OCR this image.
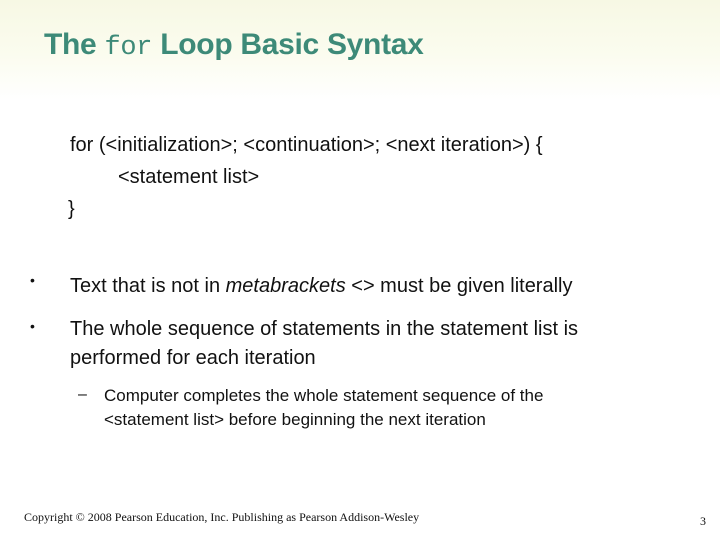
The for Loop Basic Syntax
for (<initialization>; <continuation>; <next iteration>) {
<statement list>
}
• Text that is not in metabrackets <> must be given literally
• The whole sequence of statements in the statement list is
performed for each iteration
– Computer completes the whole statement sequence of the
<statement list> before beginning the next iteration
Copyright © 2008 Pearson Education, Inc. Publishing as Pearson Addison-Wesley	3
